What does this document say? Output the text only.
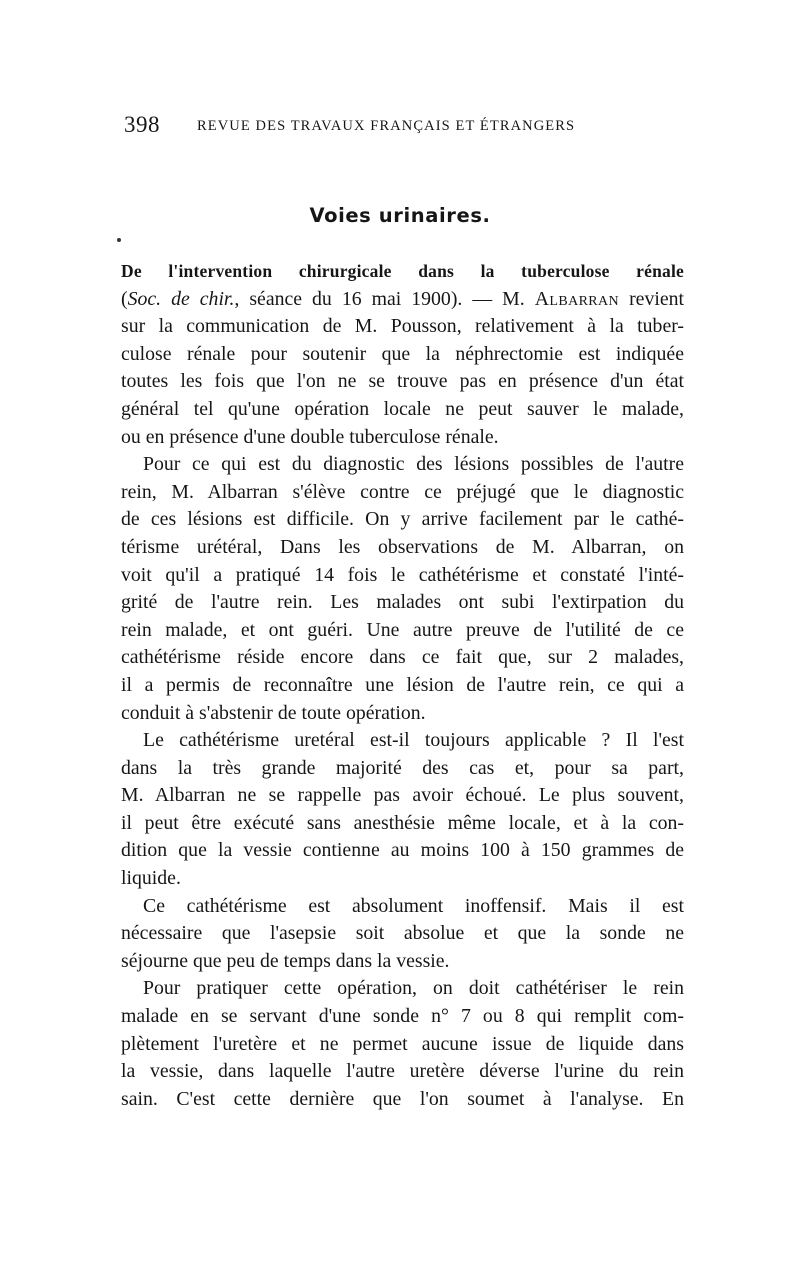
398	REVUE DES TRAVAUX FRANÇAIS ET ÉTRANGERS
Voies urinaires.
De l'intervention chirurgicale dans la tuberculose rénale
(Soc. de chir., séance du 16 mai 1900). — M. Albarran revient
sur la communication de M. Pousson, relativement à la tuber-
culose rénale pour soutenir que la néphrectomie est indiquée
toutes les fois que l'on ne se trouve pas en présence d'un état
général tel qu'une opération locale ne peut sauver le malade,
ou en présence d'une double tuberculose rénale.
Pour ce qui est du diagnostic des lésions possibles de l'autre
rein, M. Albarran s'élève contre ce préjugé que le diagnostic
de ces lésions est difficile. On y arrive facilement par le cathé-
térisme urétéral, Dans les observations de M. Albarran, on
voit qu'il a pratiqué 14 fois le cathétérisme et constaté l'inté-
grité de l'autre rein. Les malades ont subi l'extirpation du
rein malade, et ont guéri. Une autre preuve de l'utilité de ce
cathétérisme réside encore dans ce fait que, sur 2 malades,
il a permis de reconnaître une lésion de l'autre rein, ce qui a
conduit à s'abstenir de toute opération.
Le cathétérisme uretéral est-il toujours applicable ? Il l'est
dans la très grande majorité des cas et, pour sa part,
M. Albarran ne se rappelle pas avoir échoué. Le plus souvent,
il peut être exécuté sans anesthésie même locale, et à la con-
dition que la vessie contienne au moins 100 à 150 grammes de
liquide.
Ce cathétérisme est absolument inoffensif. Mais il est
nécessaire que l'asepsie soit absolue et que la sonde ne
séjourne que peu de temps dans la vessie.
Pour pratiquer cette opération, on doit cathétériser le rein
malade en se servant d'une sonde n° 7 ou 8 qui remplit com-
plètement l'uretère et ne permet aucune issue de liquide dans
la vessie, dans laquelle l'autre uretère déverse l'urine du rein
sain. C'est cette dernière que l'on soumet à l'analyse. En
